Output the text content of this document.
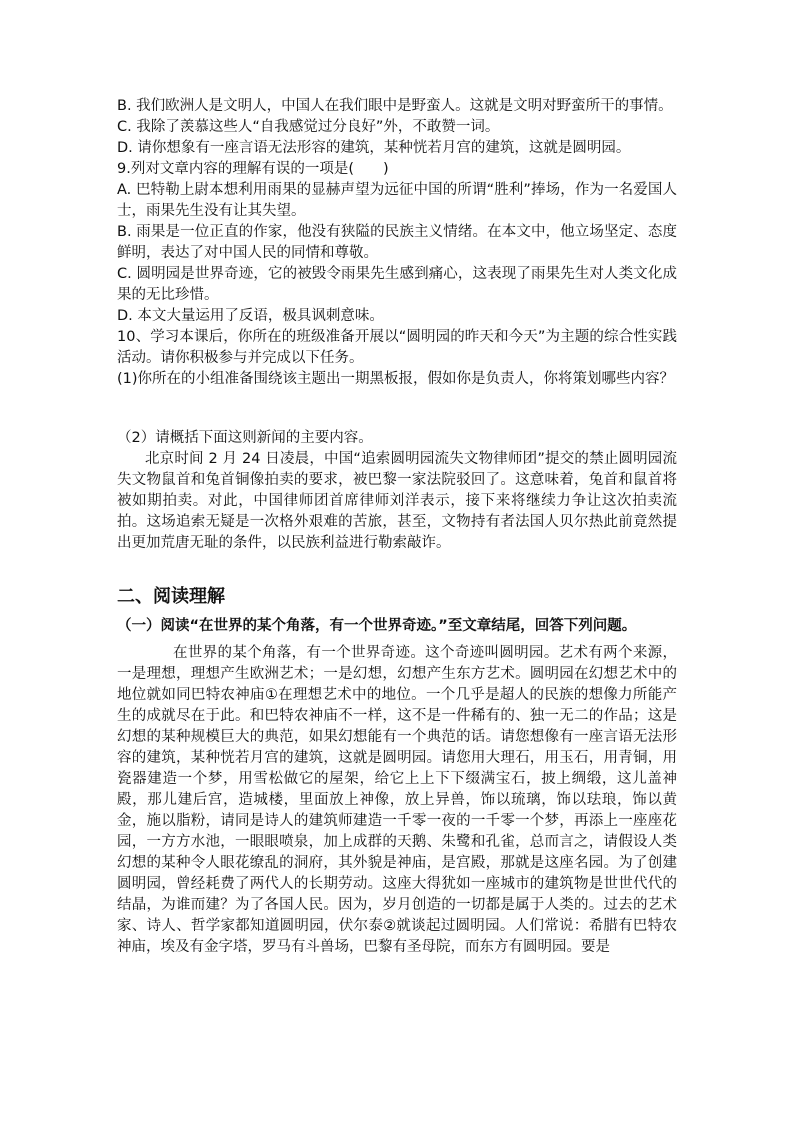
B. 我们欧洲人是文明人，中国人在我们眼中是野蛮人。这就是文明对野蛮所干的事情。

C. 我除了羡慕这些人“自我感觉过分良好”外，不敢赞一词。

D. 请你想象有一座言语无法形容的建筑，某种恍若月宫的建筑，这就是圆明园。

9.列对文章内容的理解有误的一项是(　　)

A. 巴特勒上尉本想利用雨果的显赫声望为远征中国的所谓“胜利”捧场，作为一名爱国人士，雨果先生没有让其失望。

B. 雨果是一位正直的作家，他没有狭隘的民族主义情绪。在本文中，他立场坚定、态度鲜明，表达了对中国人民的同情和尊敬。

C. 圆明园是世界奇迹，它的被毁令雨果先生感到痛心，这表现了雨果先生对人类文化成果的无比珍惜。

D. 本文大量运用了反语，极具讽刺意味。

10、学习本课后，你所在的班级准备开展以“圆明园的昨天和今天”为主题的综合性实践活动。请你积极参与并完成以下任务。

(1)你所在的小组准备围绕该主题出一期黑板报，假如你是负责人，你将策划哪些内容？

（2）请概括下面这则新闻的主要内容。

北京时间 2 月 24 日凌晨，中国“追索圆明园流失文物律师团”提交的禁止圆明园流失文物鼠首和兔首铜像拍卖的要求，被巴黎一家法院驳回了。这意味着，兔首和鼠首将被如期拍卖。对此，中国律师团首席律师刘洋表示，接下来将继续力争让这次拍卖流拍。这场追索无疑是一次格外艰难的苦旅，甚至，文物持有者法国人贝尔热此前竟然提出更加荒唐无耻的条件，以民族利益进行勒索敲诈。

二、阅读理解
（一）阅读“在世界的某个角落，有一个世界奇迹。”至文章结尾，回答下列问题。

在世界的某个角落，有一个世界奇迹。这个奇迹叫圆明园。艺术有两个来源，一是理想，理想产生欧洲艺术；一是幻想，幻想产生东方艺术。圆明园在幻想艺术中的地位就如同巴特农神庙①在理想艺术中的地位。一个几乎是超人的民族的想像力所能产生的成就尽在于此。和巴特农神庙不一样，这不是一件稀有的、独一无二的作品；这是幻想的某种规模巨大的典范，如果幻想能有一个典范的话。请您想像有一座言语无法形容的建筑，某种恍若月宫的建筑，这就是圆明园。请您用大理石，用玉石，用青铜，用瓷器建造一个梦，用雪松做它的屋架，给它上上下下缀满宝石，披上绸缎，这儿盖神殿，那儿建后宫，造城楼，里面放上神像，放上异兽，饰以琉璃，饰以珐琅，饰以黄金，施以脂粉，请同是诗人的建筑师建造一千零一夜的一千零一个梦，再添上一座座花园，一方方水池，一眼眼喷泉，加上成群的天鹅、朱鹭和孔雀，总而言之，请假设人类幻想的某种令人眼花缭乱的洞府，其外貌是神庙，是宫殿，那就是这座名园。为了创建圆明园，曾经耗费了两代人的长期劳动。这座大得犹如一座城市的建筑物是世世代代的结晶，为谁而建？为了各国人民。因为，岁月创造的一切都是属于人类的。过去的艺术家、诗人、哲学家都知道圆明园，伏尔泰②就谈起过圆明园。人们常说：希腊有巴特农神庙，埃及有金字塔，罗马有斗兽场，巴黎有圣母院，而东方有圆明园。要是
